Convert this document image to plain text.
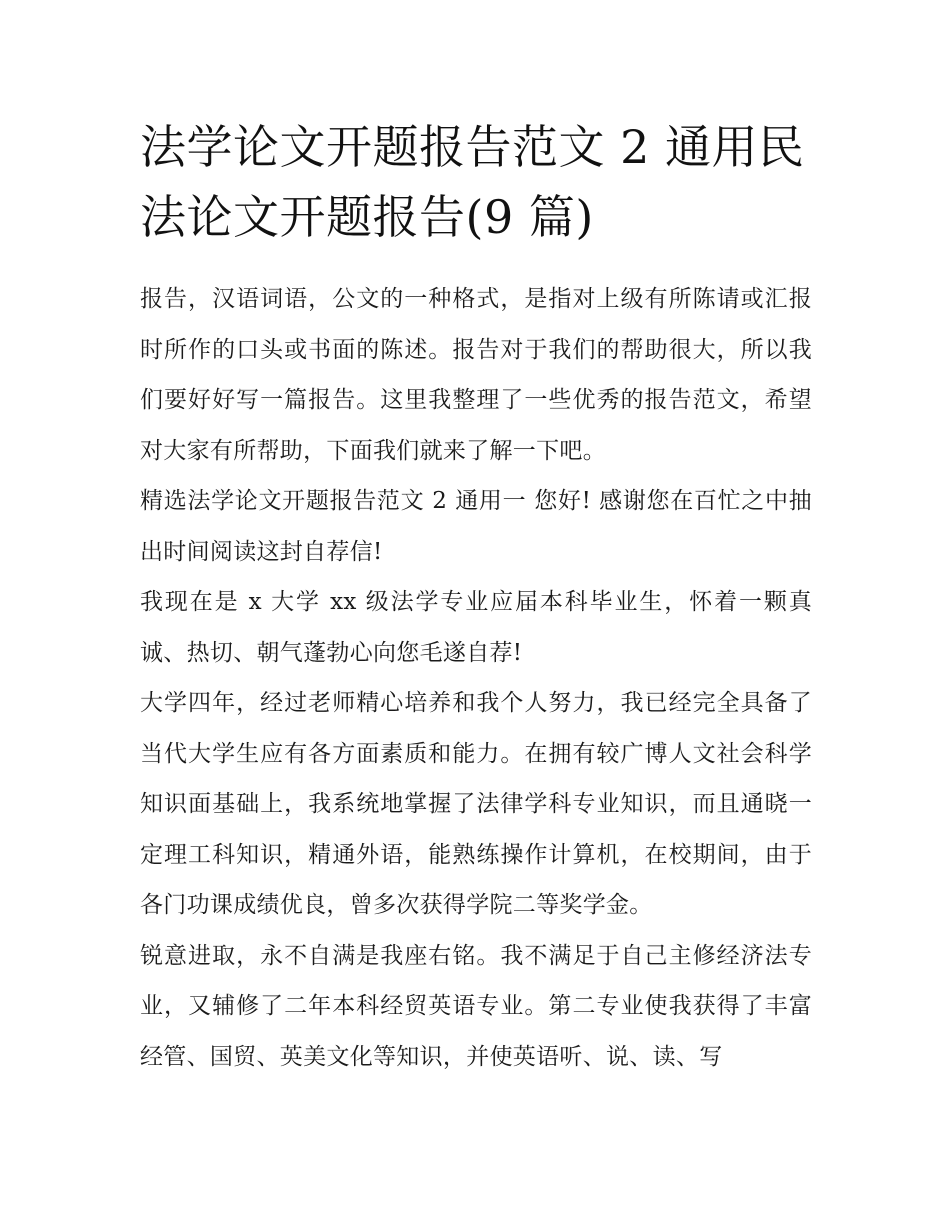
法学论文开题报告范文 2 通用民法论文开题报告(9 篇)

报告，汉语词语，公文的一种格式，是指对上级有所陈请或汇报时所作的口头或书面的陈述。报告对于我们的帮助很大，所以我们要好好写一篇报告。这里我整理了一些优秀的报告范文，希望对大家有所帮助，下面我们就来了解一下吧。

精选法学论文开题报告范文 2 通用一 您好! 感谢您在百忙之中抽出时间阅读这封自荐信!

我现在是 x 大学 xx 级法学专业应届本科毕业生，怀着一颗真诚、热切、朝气蓬勃心向您毛遂自荐!

大学四年，经过老师精心培养和我个人努力，我已经完全具备了当代大学生应有各方面素质和能力。在拥有较广博人文社会科学知识面基础上，我系统地掌握了法律学科专业知识，而且通晓一定理工科知识，精通外语，能熟练操作计算机，在校期间，由于各门功课成绩优良，曾多次获得学院二等奖学金。

锐意进取，永不自满是我座右铭。我不满足于自己主修经济法专业，又辅修了二年本科经贸英语专业。第二专业使我获得了丰富经管、国贸、英美文化等知识，并使英语听、说、读、写
